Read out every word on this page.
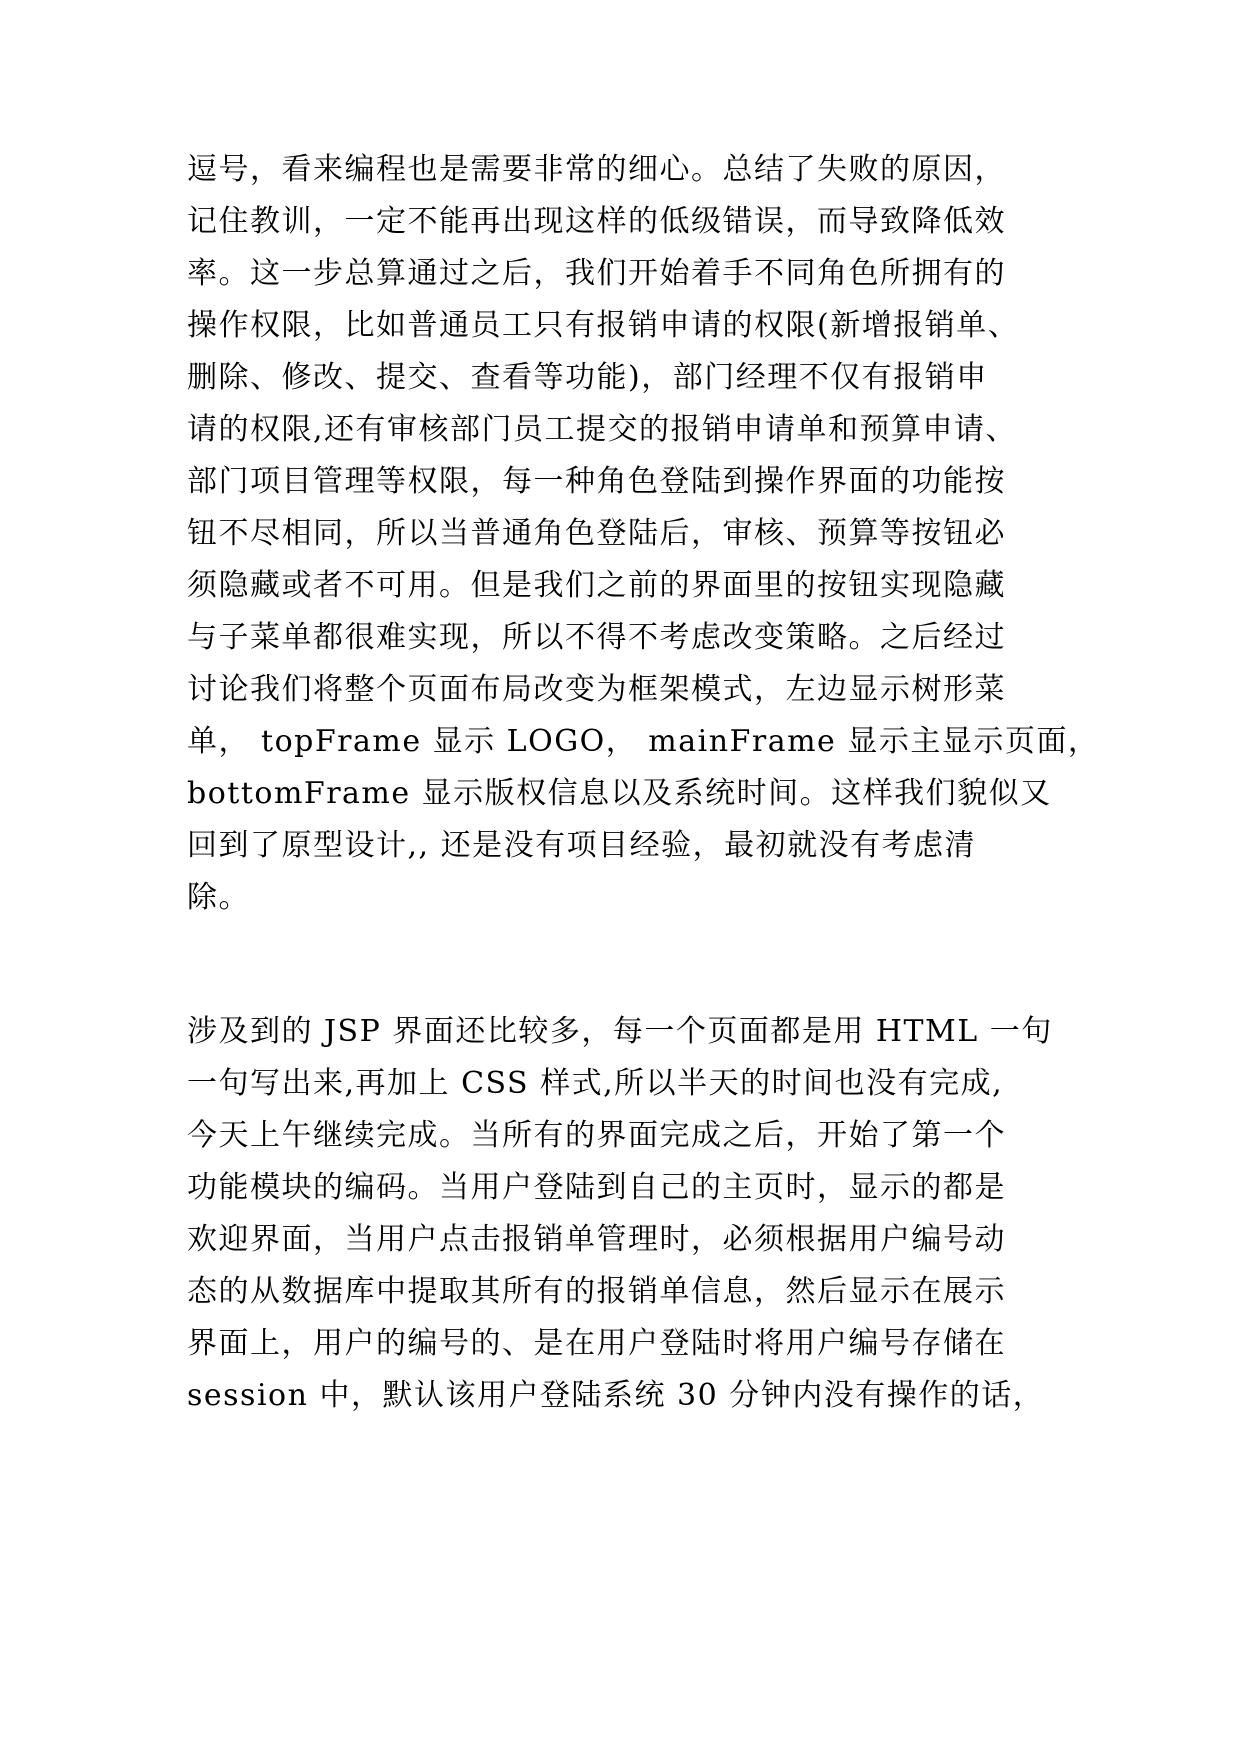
逗号，看来编程也是需要非常的细心。总结了失败的原因，
记住教训，一定不能再出现这样的低级错误，而导致降低效
率。这一步总算通过之后，我们开始着手不同角色所拥有的
操作权限，比如普通员工只有报销申请的权限(新增报销单、
删除、修改、提交、查看等功能)，部门经理不仅有报销申
请的权限,还有审核部门员工提交的报销申请单和预算申请、
部门项目管理等权限，每一种角色登陆到操作界面的功能按
钮不尽相同，所以当普通角色登陆后，审核、预算等按钮必
须隐藏或者不可用。但是我们之前的界面里的按钮实现隐藏
与子菜单都很难实现，所以不得不考虑改变策略。之后经过
讨论我们将整个页面布局改变为框架模式，左边显示树形菜
单， topFrame 显示 LOGO， mainFrame 显示主显示页面，
bottomFrame 显示版权信息以及系统时间。这样我们貌似又
回到了原型设计,, 还是没有项目经验，最初就没有考虑清
除。
涉及到的 JSP 界面还比较多，每一个页面都是用 HTML 一句
一句写出来,再加上 CSS 样式,所以半天的时间也没有完成,
今天上午继续完成。当所有的界面完成之后，开始了第一个
功能模块的编码。当用户登陆到自己的主页时，显示的都是
欢迎界面，当用户点击报销单管理时，必须根据用户编号动
态的从数据库中提取其所有的报销单信息，然后显示在展示
界面上，用户的编号的、是在用户登陆时将用户编号存储在
session 中，默认该用户登陆系统 30 分钟内没有操作的话，
